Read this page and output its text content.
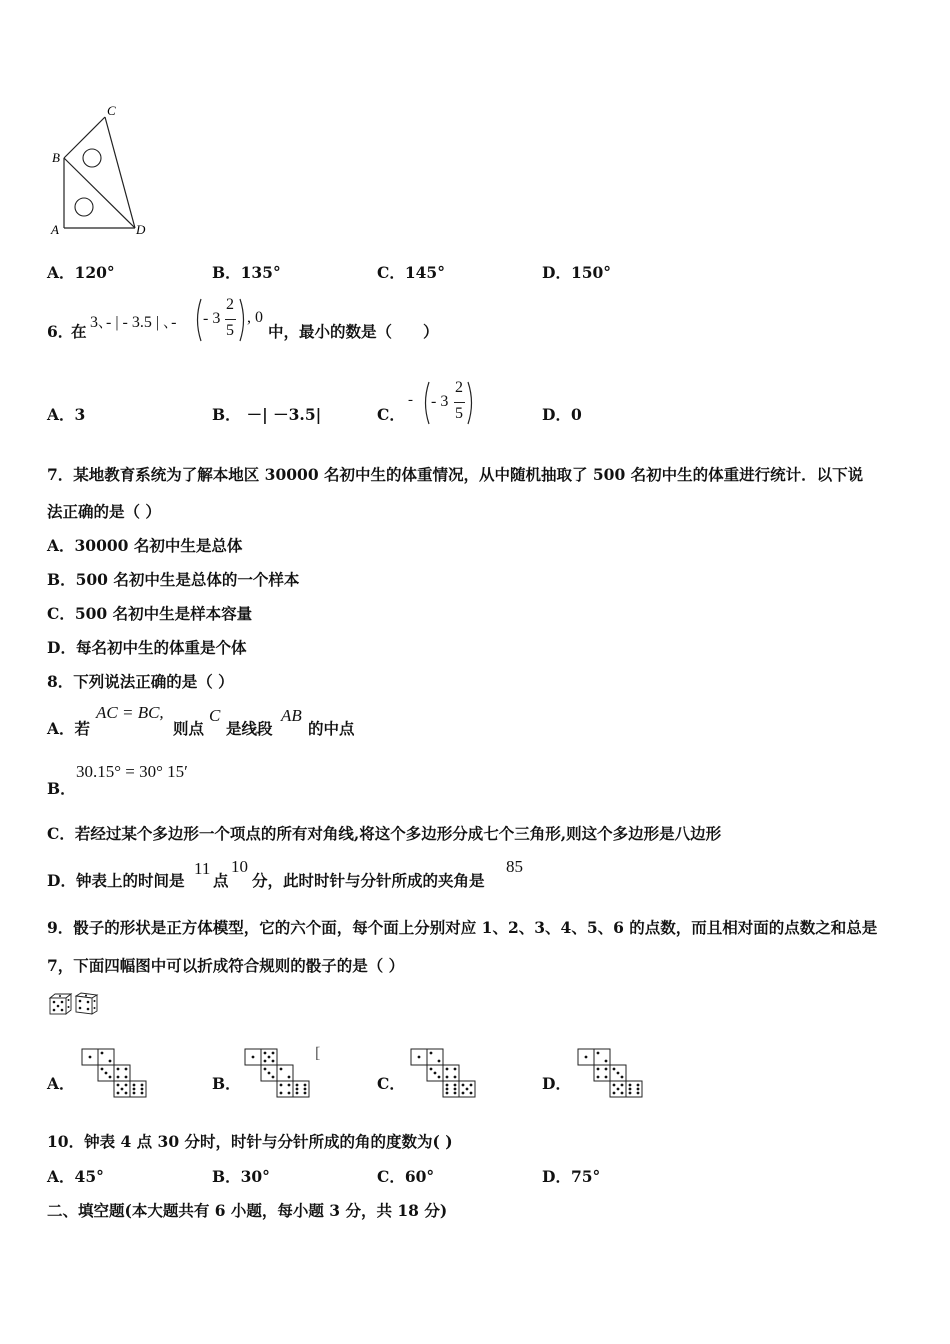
C
B
A	D
A．120°	B．135°	C．145°	D．150°
6．
在 3､- | - 3.5 | ､- - 3
2
5
, 0
中，最小的数是（　　）
A．3	B． －| －3.5|	C．
- - 3
2
5	D．0
7．某地教育系统为了解本地区 30000 名初中生的体重情况，从中随机抽取了 500 名初中生的体重进行统计．以下说
法正确的是（ ）
A．30000 名初中生是总体
B．500 名初中生是总体的一个样本
C．500 名初中生是样本容量
D．每名初中生的体重是个体
8．下列说法正确的是（ ）
A．若
AC = BC,
则点
C
是线段
AB
的中点
B．
30.15° = 30° 15′
C．若经过某个多边形一个项点的所有对角线,将这个多边形分成七个三角形,则这个多边形是八边形
D．钟表上的时间是
11
点
10
分，此时时针与分针所成的夹角是
85
9．骰子的形状是正方体模型，它的六个面，每个面上分别对应 1、2、3、4、5、6 的点数，而且相对面的点数之和总是
7，下面四幅图中可以折成符合规则的骰子的是（ ）
A．	B．	C．	D．
[
10．钟表 4 点 30 分时，时针与分针所成的角的度数为( )
A．45°	B．30°	C．60°	D．75°
二、填空题(本大题共有 6 小题，每小题 3 分，共 18 分)
